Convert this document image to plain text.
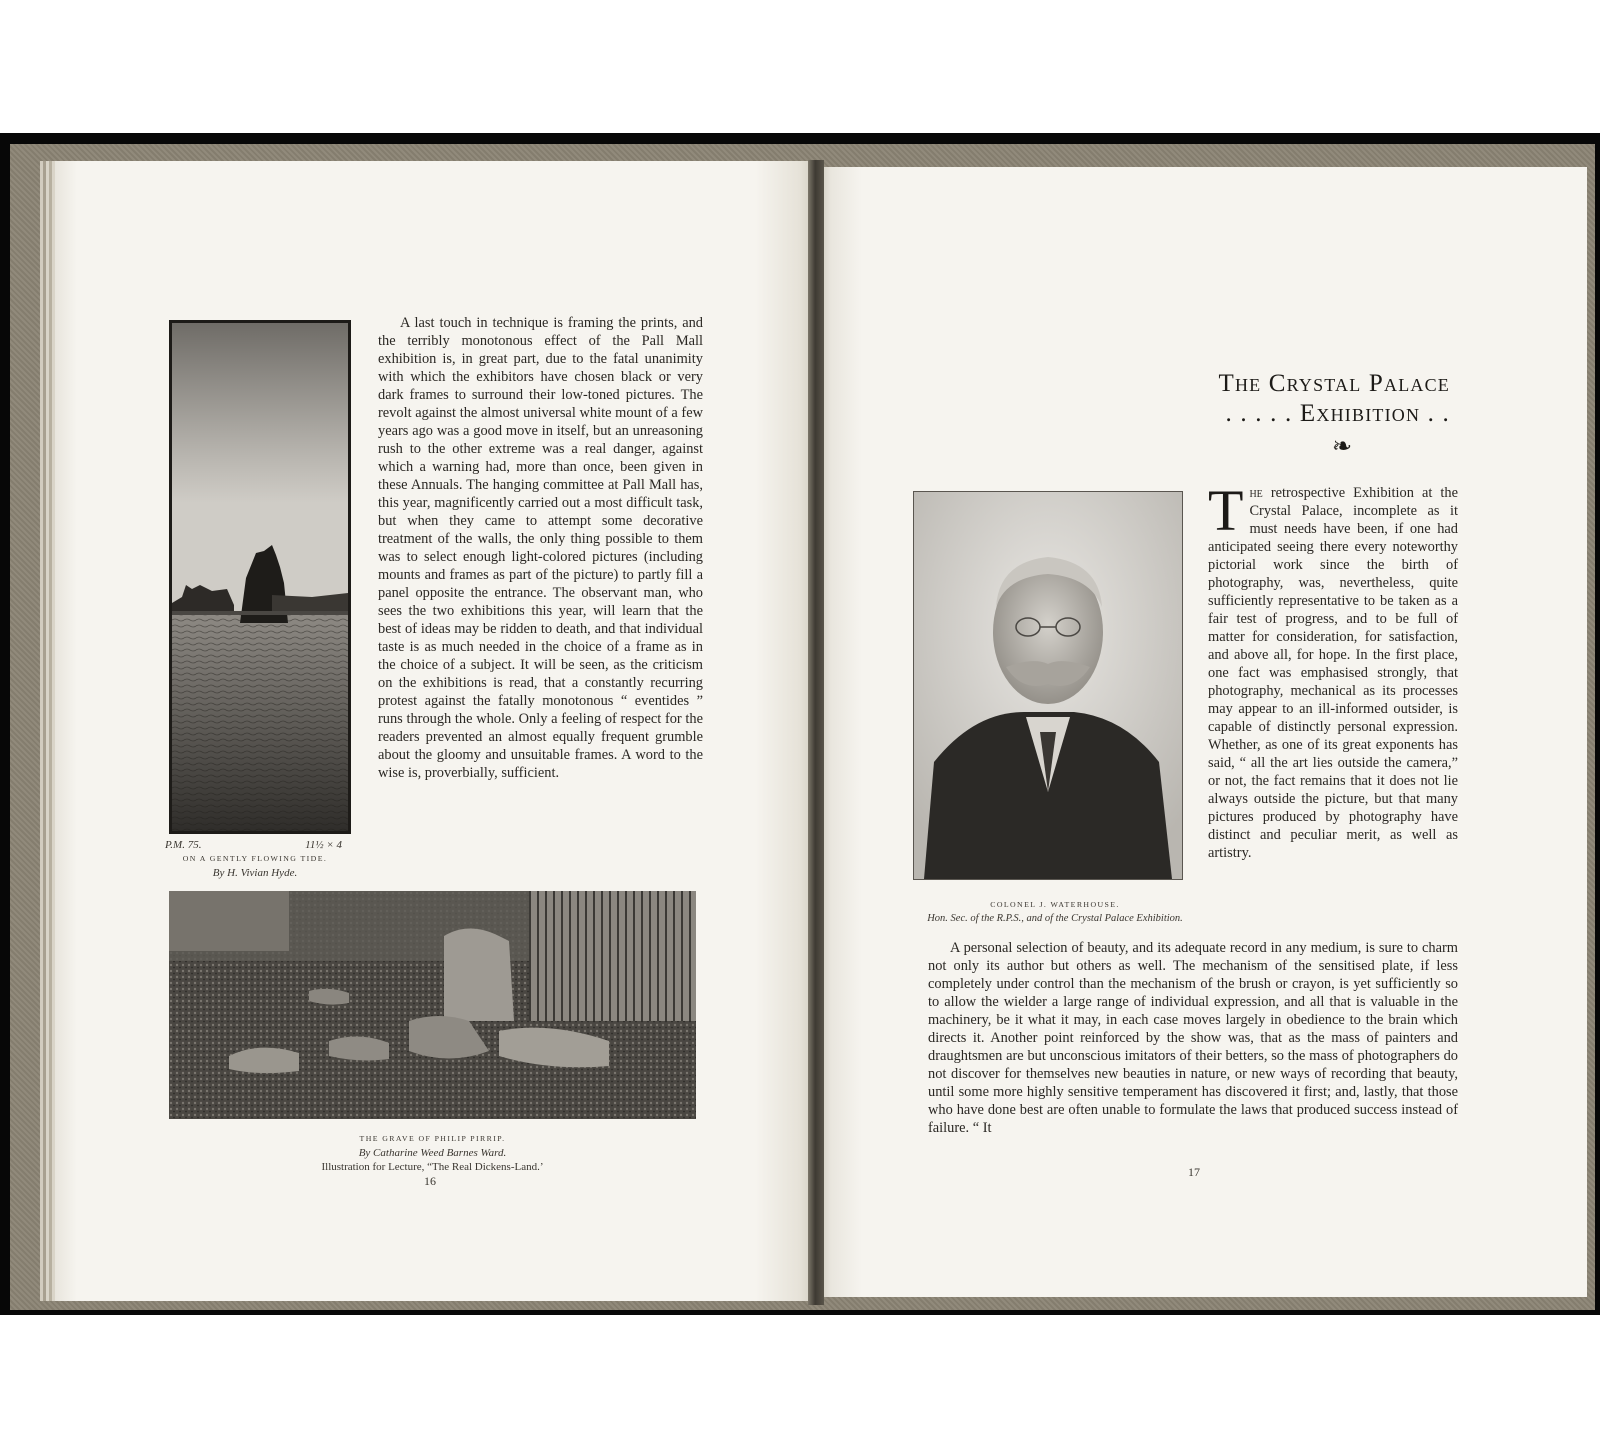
P.M. 75.	11½ × 4
ON A GENTLY FLOWING TIDE.
By H. Vivian Hyde.

A last touch in technique is framing the prints, and the terribly monotonous effect of the Pall Mall exhibition is, in great part, due to the fatal unanimity with which the exhibitors have chosen black or very dark frames to surround their low-toned pictures. The revolt against the almost universal white mount of a few years ago was a good move in itself, but an unreasoning rush to the other extreme was a real danger, against which a warning had, more than once, been given in these Annuals. The hanging committee at Pall Mall has, this year, magnificently carried out a most difficult task, but when they came to attempt some decorative treatment of the walls, the only thing possible to them was to select enough light-colored pictures (including mounts and frames as part of the picture) to partly fill a panel opposite the entrance. The observant man, who sees the two exhibitions this year, will learn that the best of ideas may be ridden to death, and that individual taste is as much needed in the choice of a frame as in the choice of a subject. It will be seen, as the criticism on the exhibitions is read, that a constantly recurring protest against the fatally monotonous “ eventides ” runs through the whole. Only a feeling of respect for the readers prevented an almost equally frequent grumble about the gloomy and unsuitable frames. A word to the wise is, proverbially, sufficient.

THE GRAVE OF PHILIP PIRRIP.
By Catharine Weed Barnes Ward.
Illustration for Lecture, “The Real Dickens-Land.’
16
The Crystal Palace
. . . . . Exhibition . .
❧
COLONEL J. WATERHOUSE.
Hon. Sec. of the R.P.S., and of the Crystal Palace Exhibition.
The retrospective Exhibition at the Crystal Palace, incomplete as it must needs have been, if one had anticipated seeing there every noteworthy pictorial work since the birth of photography, was, nevertheless, quite sufficiently representative to be taken as a fair test of progress, and to be full of matter for consideration, for satisfaction, and above all, for hope. In the first place, one fact was emphasised strongly, that photography, mechanical as its processes may appear to an ill-informed outsider, is capable of distinctly personal expression. Whether, as one of its great exponents has said, “ all the art lies outside the camera,” or not, the fact remains that it does not lie always outside the picture, but that many pictures produced by photography have distinct and peculiar merit, as well as artistry.

A personal selection of beauty, and its adequate record in any medium, is sure to charm not only its author but others as well. The mechanism of the sensitised plate, if less completely under control than the mechanism of the brush or crayon, is yet sufficiently so to allow the wielder a large range of individual expression, and all that is valuable in the machinery, be it what it may, in each case moves largely in obedience to the brain which directs it. Another point reinforced by the show was, that as the mass of painters and draughtsmen are but unconscious imitators of their betters, so the mass of photographers do not discover for themselves new beauties in nature, or new ways of recording that beauty, until some more highly sensitive temperament has discovered it first; and, lastly, that those who have done best are often unable to formulate the laws that produced success instead of failure. “ It

17
